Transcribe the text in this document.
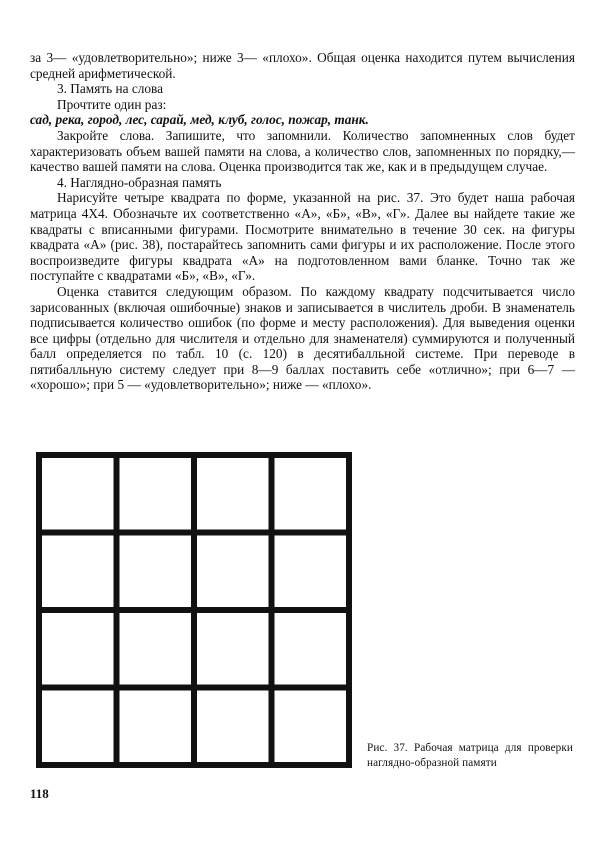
за 3— «удовлетворительно»; ниже 3— «плохо». Общая оценка находится путем вычисления средней арифметической.

3. Память на слова

Прочтите один раз:

сад, река, город, лес, сарай, мед, клуб, голос, пожар, танк.

Закройте слова. Запишите, что запомнили. Количество запомненных слов будет характеризовать объем вашей памяти на слова, а количество слов, запомненных по порядку,— качество вашей памяти на слова. Оценка производится так же, как и в предыдущем случае.

4. Наглядно-образная память

Нарисуйте четыре квадрата по форме, указанной на рис. 37. Это будет наша рабочая матрица 4Х4. Обозначьте их соответственно «А», «Б», «В», «Г». Далее вы найдете такие же квадраты с вписанными фигурами. Посмотрите внимательно в течение 30 сек. на фигуры квадрата «А» (рис. 38), постарайтесь запомнить сами фигуры и их расположение. После этого воспроизведите фигуры квадрата «А» на подготовленном вами бланке. Точно так же поступайте с квадратами «Б», «В», «Г».

Оценка ставится следующим образом. По каждому квадрату подсчитывается число зарисованных (включая ошибочные) знаков и записывается в числитель дроби. В знаменатель подписывается количество ошибок (по форме и месту расположения). Для выведения оценки все цифры (отдельно для числителя и отдельно для знаменателя) суммируются и полученный балл определяется по табл. 10 (с. 120) в десятибалльной системе. При переводе в пятибалльную систему следует при 8—9 баллах поставить себе «отлично»; при 6—7 — «хорошо»; при 5 — «удовлетворительно»; ниже — «плохо».

Рис. 37. Рабочая матрица для проверки наглядно-образной памяти
118
